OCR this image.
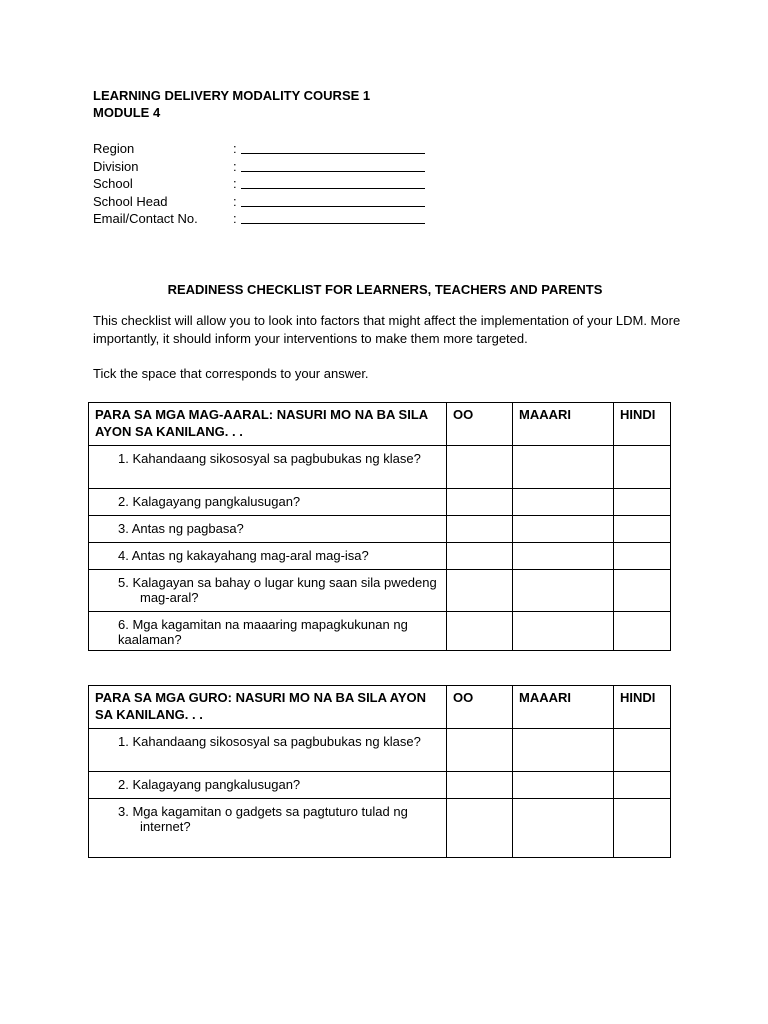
LEARNING DELIVERY MODALITY COURSE 1
MODULE 4
Region	:
Division	:
School	:
School Head	:
Email/Contact No.	:
READINESS CHECKLIST FOR LEARNERS, TEACHERS AND PARENTS
This checklist will allow you to look into factors that might affect the implementation of your LDM. More importantly, it should inform your interventions to make them more targeted.
Tick the space that corresponds to your answer.
PARA SA MGA MAG-AARAL: NASURI MO NA BA SILA AYON SA KANILANG. . .	OO	MAAARI	HINDI

1. Kahandaang sikososyal sa pagbubukas ng klase?			

2. Kalagayang pangkalusugan?			

3. Antas ng pagbasa?			

4. Antas ng kakayahang mag-aral mag-isa?			

5. Kalagayan sa bahay o lugar kung saan sila pwedeng mag-aral?			

6. Mga kagamitan na maaaring mapagkukunan ng kaalaman?			

PARA SA MGA GURO: NASURI MO NA BA SILA AYON SA KANILANG. . .	OO	MAAARI	HINDI

1. Kahandaang sikososyal sa pagbubukas ng klase?			

2. Kalagayang pangkalusugan?			

3. Mga kagamitan o gadgets sa pagtuturo tulad ng internet?			
